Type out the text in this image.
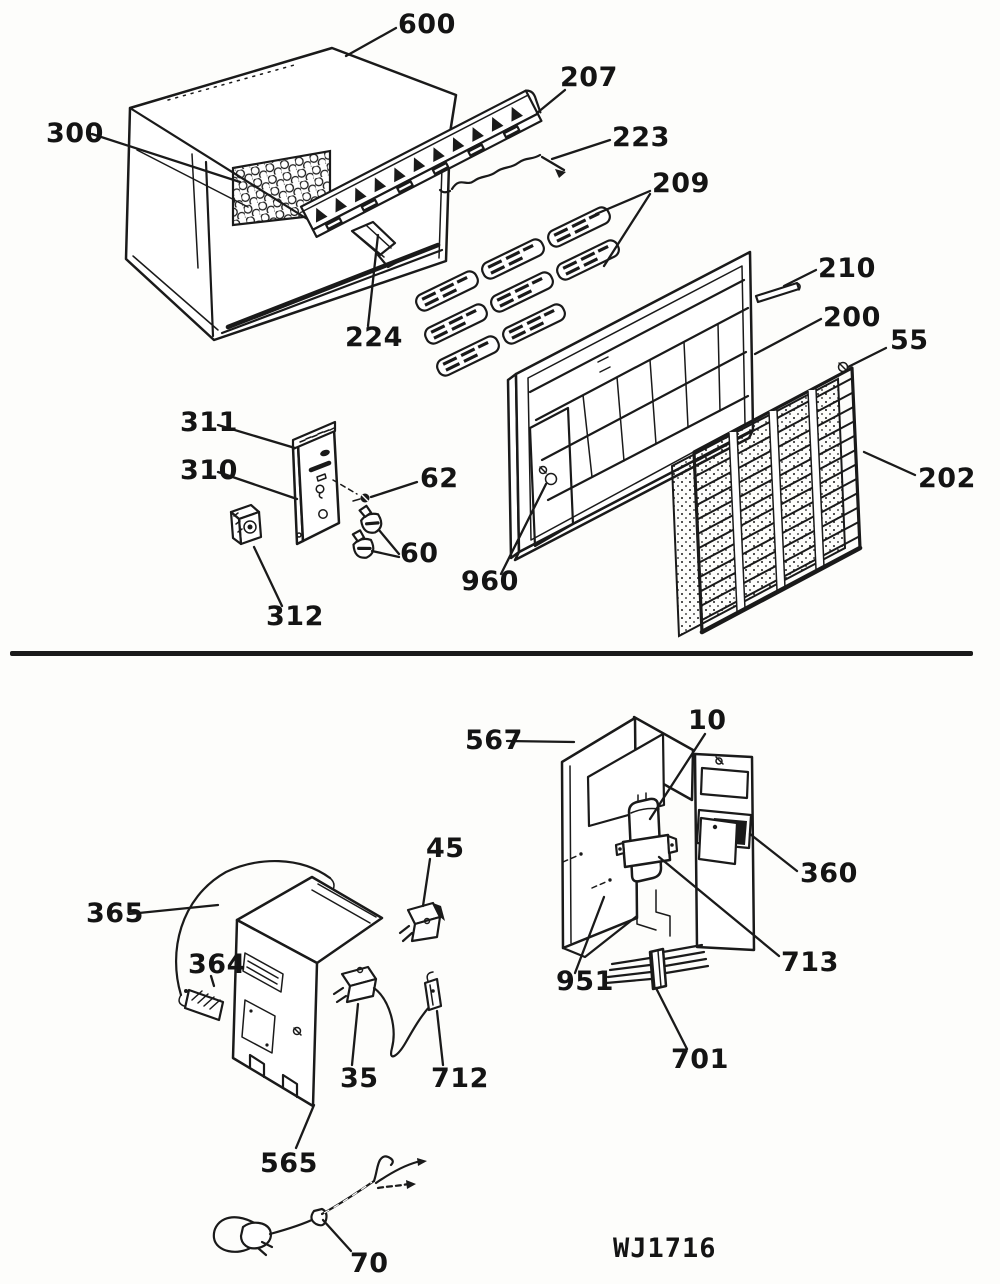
600
300
207
223
209
224
210
200
55
202
311
310	62
60
312
960
567
10
360
713
951
701
365
364
45
35 712
565
70	WJ1716
